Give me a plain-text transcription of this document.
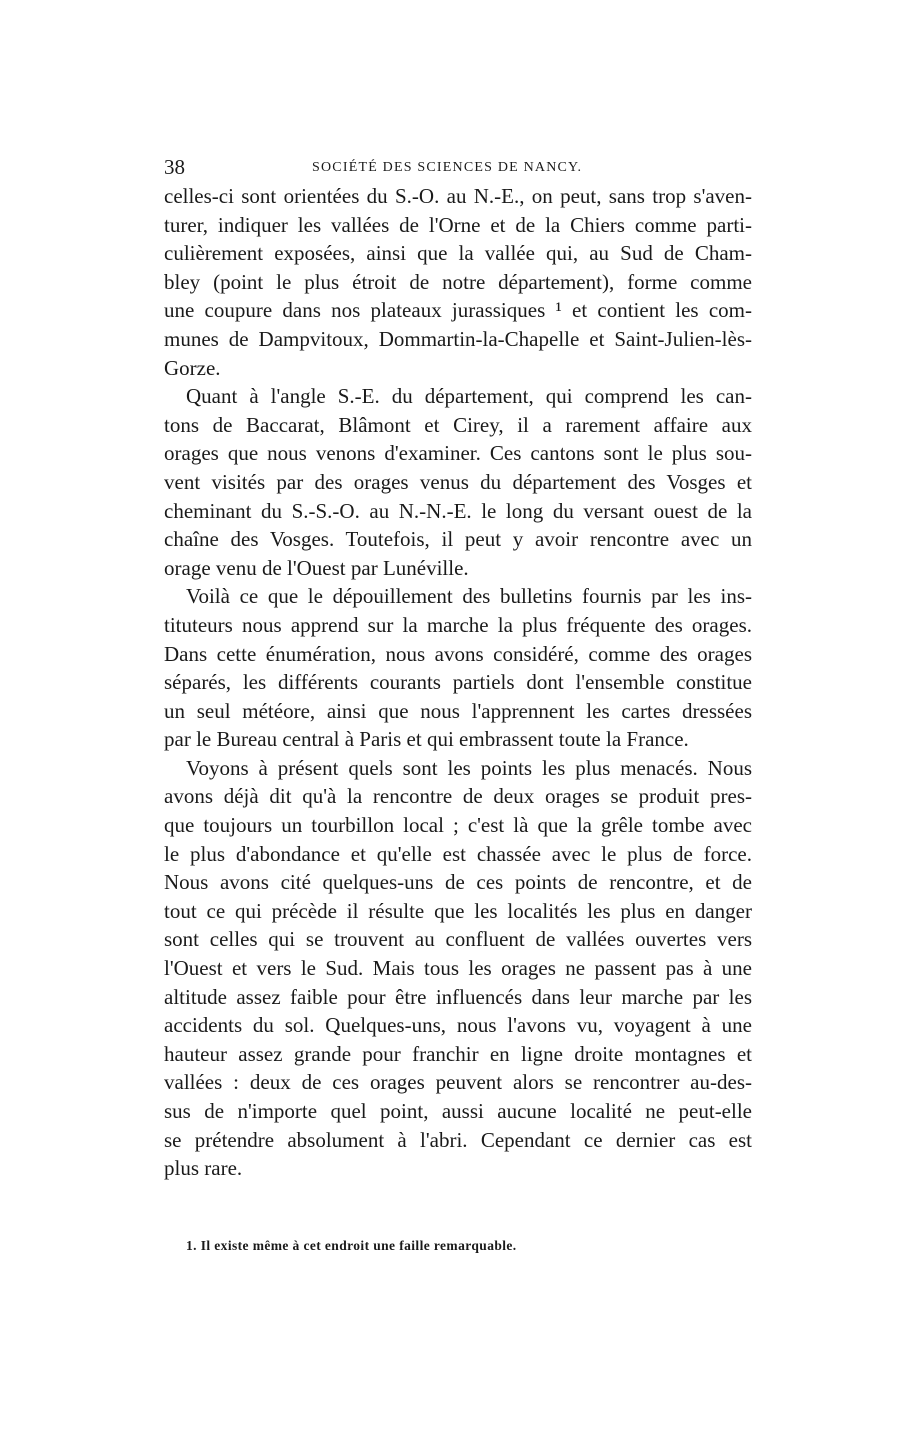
38	SOCIÉTÉ DES SCIENCES DE NANCY.

celles-ci sont orientées du S.-O. au N.-E., on peut, sans trop s'aven-
turer, indiquer les vallées de l'Orne et de la Chiers comme parti-
culièrement exposées, ainsi que la vallée qui, au Sud de Cham-
bley (point le plus étroit de notre département), forme comme
une coupure dans nos plateaux jurassiques ¹ et contient les com-
munes de Dampvitoux, Dommartin-la-Chapelle et Saint-Julien-lès-
Gorze.

Quant à l'angle S.-E. du département, qui comprend les can-
tons de Baccarat, Blâmont et Cirey, il a rarement affaire aux
orages que nous venons d'examiner. Ces cantons sont le plus sou-
vent visités par des orages venus du département des Vosges et
cheminant du S.-S.-O. au N.-N.-E. le long du versant ouest de la
chaîne des Vosges. Toutefois, il peut y avoir rencontre avec un
orage venu de l'Ouest par Lunéville.

Voilà ce que le dépouillement des bulletins fournis par les ins-
tituteurs nous apprend sur la marche la plus fréquente des orages.
Dans cette énumération, nous avons considéré, comme des orages
séparés, les différents courants partiels dont l'ensemble constitue
un seul météore, ainsi que nous l'apprennent les cartes dressées
par le Bureau central à Paris et qui embrassent toute la France.

Voyons à présent quels sont les points les plus menacés. Nous
avons déjà dit qu'à la rencontre de deux orages se produit pres-
que toujours un tourbillon local ; c'est là que la grêle tombe avec
le plus d'abondance et qu'elle est chassée avec le plus de force.
Nous avons cité quelques-uns de ces points de rencontre, et de
tout ce qui précède il résulte que les localités les plus en danger
sont celles qui se trouvent au confluent de vallées ouvertes vers
l'Ouest et vers le Sud. Mais tous les orages ne passent pas à une
altitude assez faible pour être influencés dans leur marche par les
accidents du sol. Quelques-uns, nous l'avons vu, voyagent à une
hauteur assez grande pour franchir en ligne droite montagnes et
vallées : deux de ces orages peuvent alors se rencontrer au-des-
sus de n'importe quel point, aussi aucune localité ne peut-elle
se prétendre absolument à l'abri. Cependant ce dernier cas est
plus rare.

1. Il existe même à cet endroit une faille remarquable.
